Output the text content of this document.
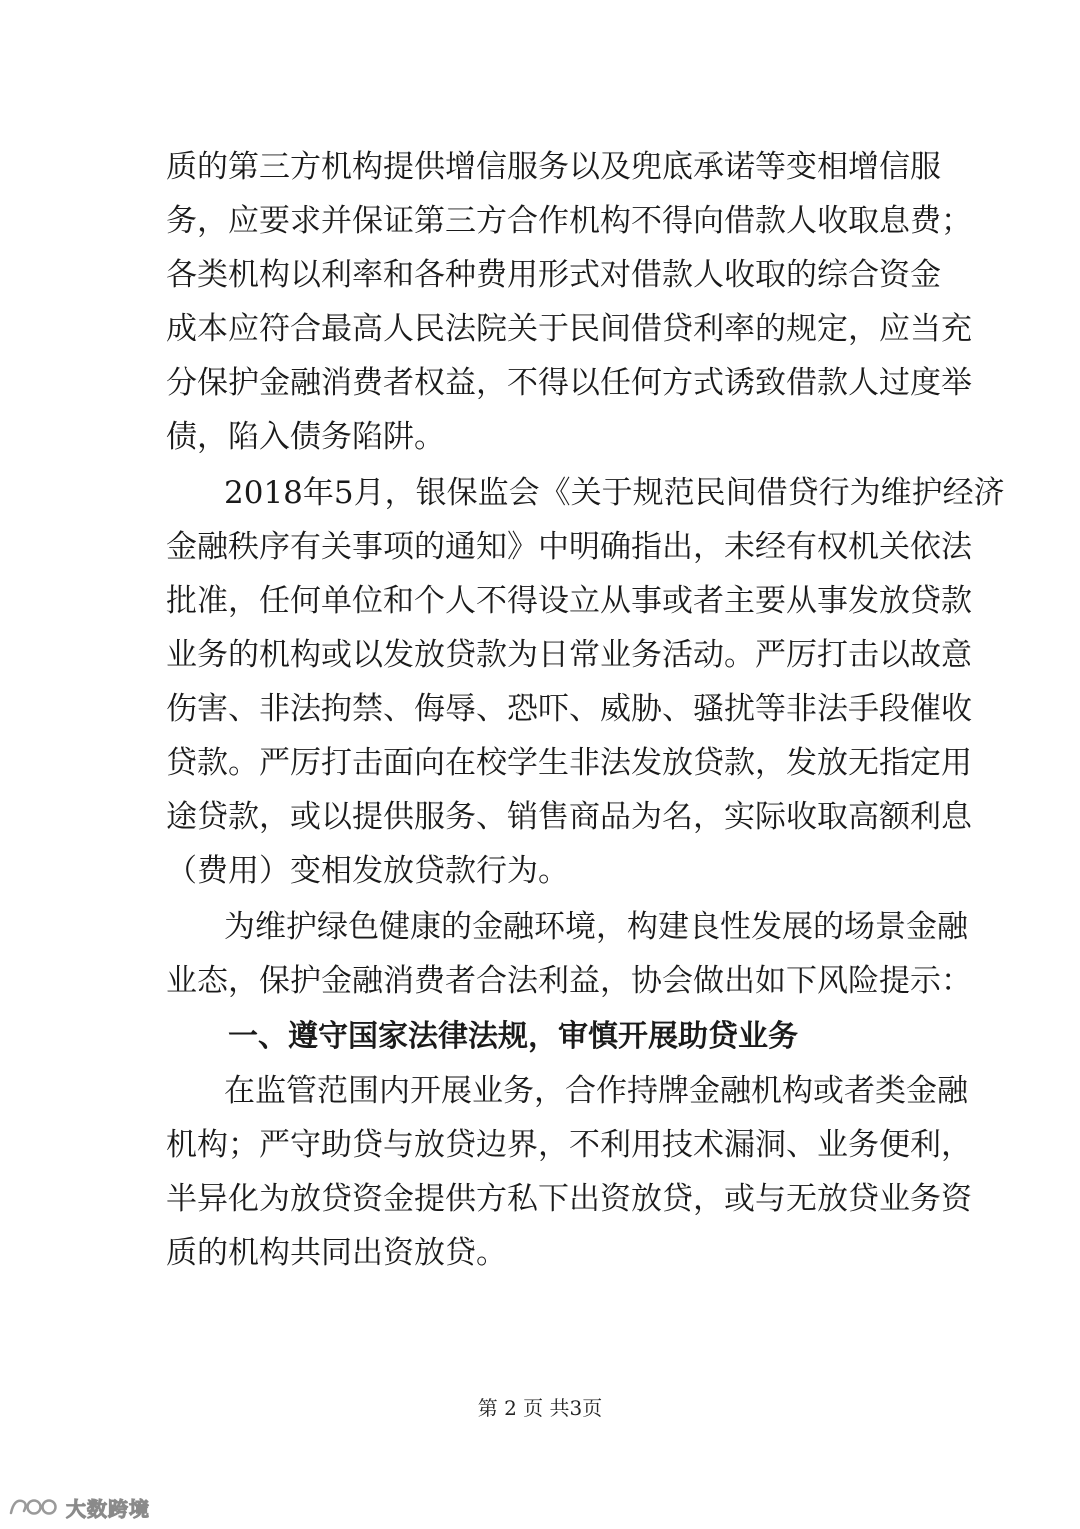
质的第三方机构提供增信服务以及兜底承诺等变相增信服
务，应要求并保证第三方合作机构不得向借款人收取息费；
各类机构以利率和各种费用形式对借款人收取的综合资金
成本应符合最高人民法院关于民间借贷利率的规定，应当充
分保护金融消费者权益，不得以任何方式诱致借款人过度举
债，陷入债务陷阱。
2018年5月，银保监会《关于规范民间借贷行为维护经济
金融秩序有关事项的通知》中明确指出，未经有权机关依法
批准，任何单位和个人不得设立从事或者主要从事发放贷款
业务的机构或以发放贷款为日常业务活动。严厉打击以故意
伤害、非法拘禁、侮辱、恐吓、威胁、骚扰等非法手段催收
贷款。严厉打击面向在校学生非法发放贷款，发放无指定用
途贷款，或以提供服务、销售商品为名，实际收取高额利息
（费用）变相发放贷款行为。
为维护绿色健康的金融环境，构建良性发展的场景金融
业态，保护金融消费者合法利益，协会做出如下风险提示：
一、遵守国家法律法规，审慎开展助贷业务
在监管范围内开展业务，合作持牌金融机构或者类金融
机构；严守助贷与放贷边界，不利用技术漏洞、业务便利，
半异化为放贷资金提供方私下出资放贷，或与无放贷业务资
质的机构共同出资放贷。
第 2 页 共3页
大数跨境
